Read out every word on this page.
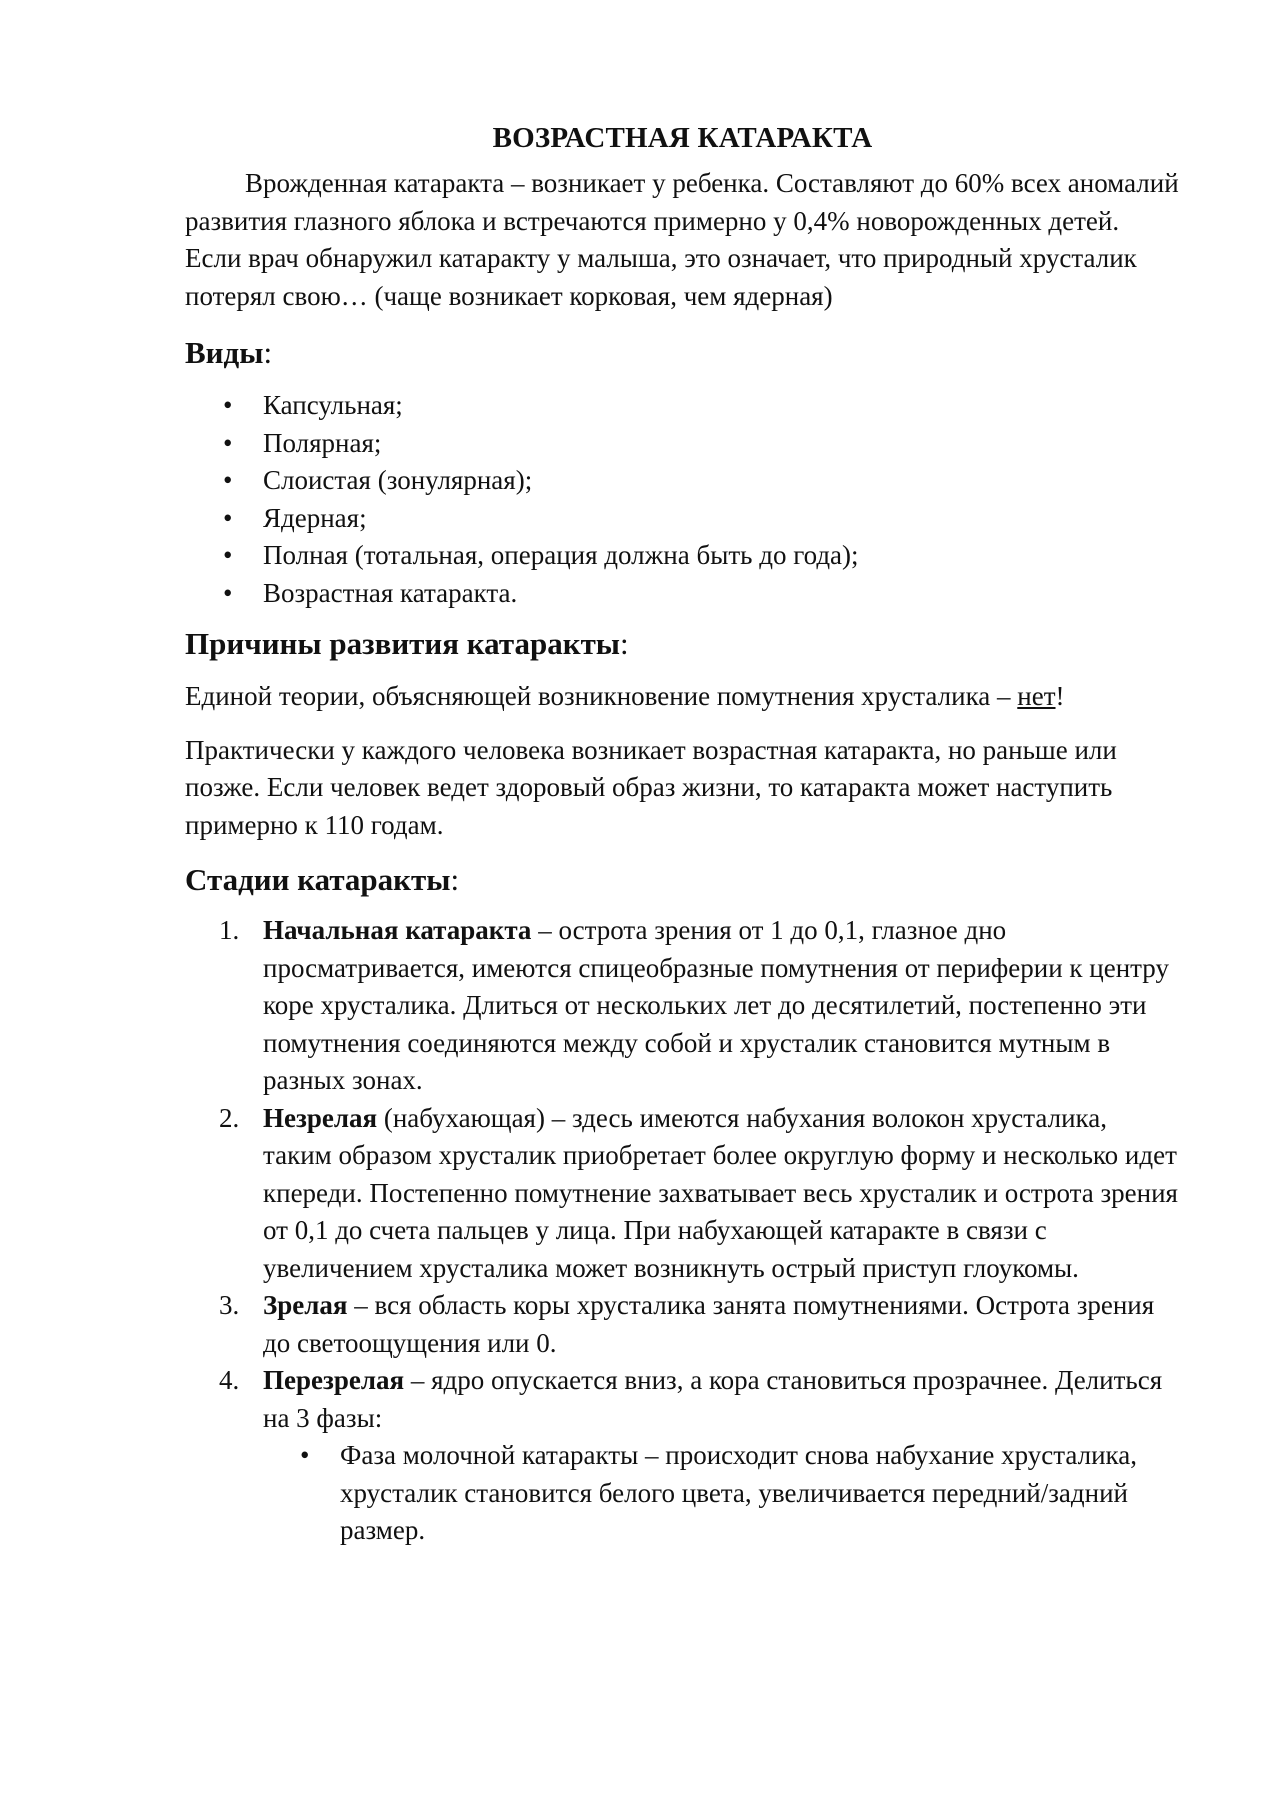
ВОЗРАСТНАЯ КАТАРАКТА

Врожденная катаракта – возникает у ребенка. Составляют до 60% всех аномалий развития глазного яблока и встречаются примерно у 0,4% новорожденных детей. Если врач обнаружил катаракту у малыша, это означает, что природный хрусталик потерял свою… (чаще возникает корковая, чем ядерная)

Виды:
• Капсульная;
• Полярная;
• Слоистая (зонулярная);
• Ядерная;
• Полная (тотальная, операция должна быть до года);
• Возрастная катаракта.
Причины развития катаракты:

Единой теории, объясняющей возникновение помутнения хрусталика – нет!

Практически у каждого человека возникает возрастная катаракта, но раньше или позже. Если человек ведет здоровый образ жизни, то катаракта может наступить примерно к 110 годам.

Стадии катаракты:
1. Начальная катаракта – острота зрения от 1 до 0,1, глазное дно просматривается, имеются спицеобразные помутнения от периферии к центру коре хрусталика. Длиться от нескольких лет до десятилетий, постепенно эти помутнения соединяются между собой и хрусталик становится мутным в разных зонах.
2. Незрелая (набухающая) – здесь имеются набухания волокон хрусталика, таким образом хрусталик приобретает более округлую форму и несколько идет кпереди. Постепенно помутнение захватывает весь хрусталик и острота зрения от 0,1 до счета пальцев у лица. При набухающей катаракте в связи с увеличением хрусталика может возникнуть острый приступ глоукомы.
3. Зрелая – вся область коры хрусталика занята помутнениями. Острота зрения до светоощущения или 0.
4. Перезрелая – ядро опускается вниз, а кора становиться прозрачнее. Делиться на 3 фазы:
• Фаза молочной катаракты – происходит снова набухание хрусталика, хрусталик становится белого цвета, увеличивается передний/задний размер.
